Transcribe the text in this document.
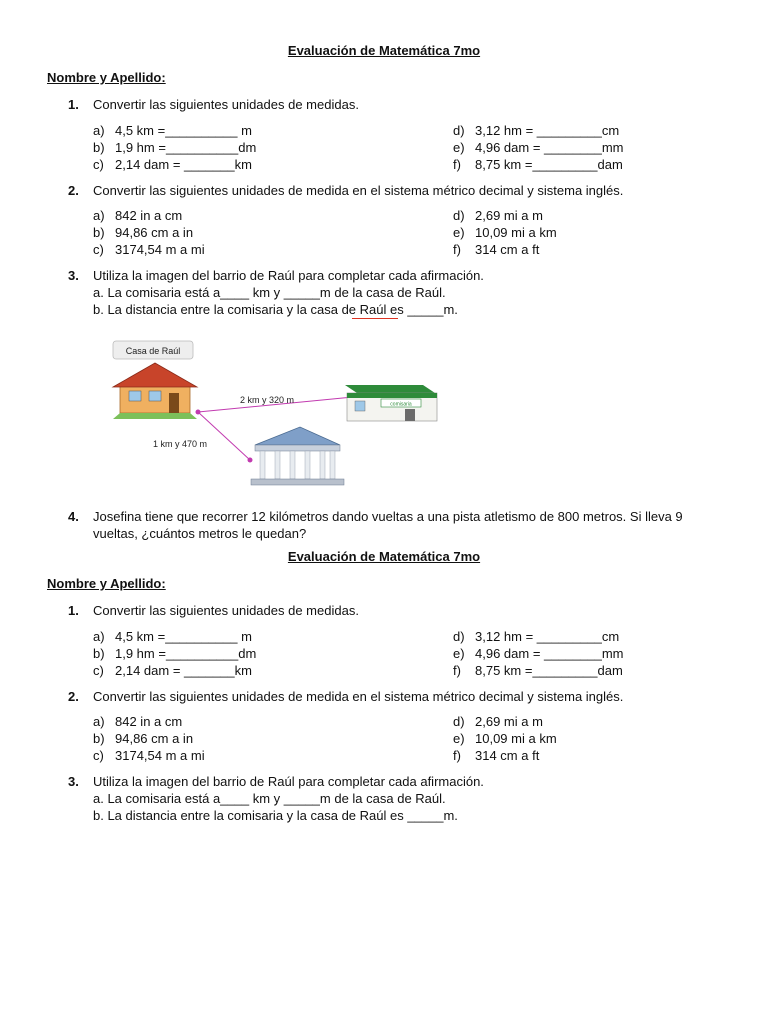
Evaluación de Matemática 7mo
Nombre y Apellido:
1.	Convertir las siguientes unidades de medidas.
a) 4,5 km =__________ m	d) 3,12 hm = _________cm
b) 1,9 hm =__________dm	e) 4,96 dam = ________mm
c) 2,14 dam = _______km	f) 8,75 km =_________dam
2.	Convertir las siguientes unidades de medida en el sistema métrico decimal y sistema inglés.
a) 842 in a cm	d) 2,69 mi a m
b) 94,86 cm a in	e) 10,09 mi a km
c) 3174,54 m a mi	f) 314 cm a ft
3.	Utiliza la imagen del barrio de Raúl para completar cada afirmación.
a. La comisaria está a____ km y _____m de la casa de Raúl.
b. La distancia entre la comisaria y la casa de Raúl es _____m.
Casa de Raúl
2 km y 320 m
1 km y 470 m
comisaria
4.	Josefina tiene que recorrer 12 kilómetros dando vueltas a una pista atletismo de 800 metros. Si lleva 9 vueltas, ¿cuántos metros le quedan?
Evaluación de Matemática 7mo
Nombre y Apellido:
1.	Convertir las siguientes unidades de medidas.
a) 4,5 km =__________ m	d) 3,12 hm = _________cm
b) 1,9 hm =__________dm	e) 4,96 dam = ________mm
c) 2,14 dam = _______km	f) 8,75 km =_________dam
2.	Convertir las siguientes unidades de medida en el sistema métrico decimal y sistema inglés.
a) 842 in a cm	d) 2,69 mi a m
b) 94,86 cm a in	e) 10,09 mi a km
c) 3174,54 m a mi	f) 314 cm a ft
3.	Utiliza la imagen del barrio de Raúl para completar cada afirmación.
a. La comisaria está a____ km y _____m de la casa de Raúl.
b. La distancia entre la comisaria y la casa de Raúl es _____m.
